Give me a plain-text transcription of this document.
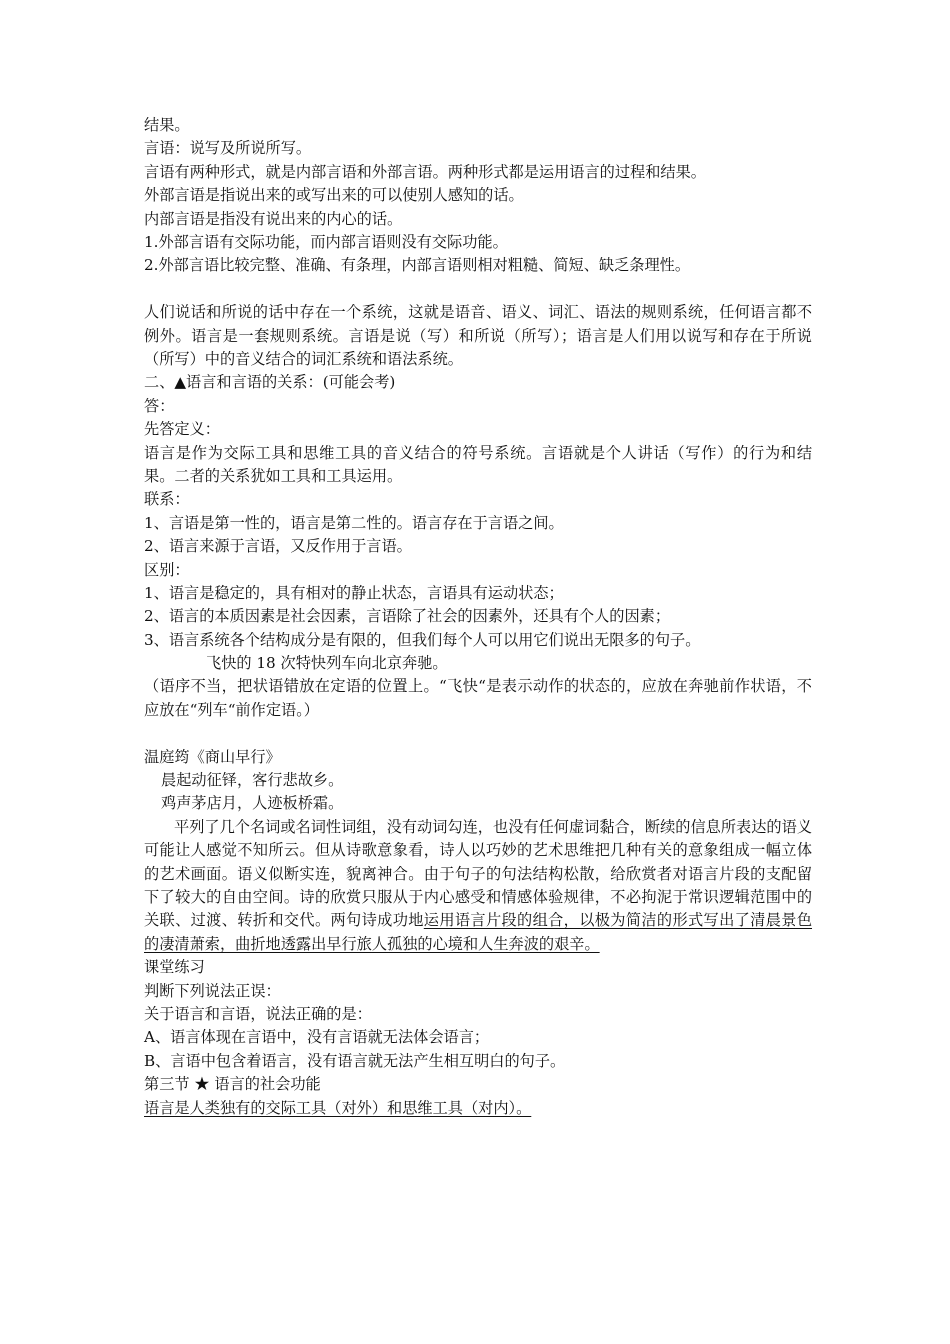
结果。
言语：说写及所说所写。
言语有两种形式，就是内部言语和外部言语。两种形式都是运用语言的过程和结果。
外部言语是指说出来的或写出来的可以使别人感知的话。
内部言语是指没有说出来的内心的话。
1.外部言语有交际功能，而内部言语则没有交际功能。
2.外部言语比较完整、准确、有条理，内部言语则相对粗糙、简短、缺乏条理性。
人们说话和所说的话中存在一个系统，这就是语音、语义、词汇、语法的规则系统，任何语言都不例外。语言是一套规则系统。言语是说（写）和所说（所写）；语言是人们用以说写和存在于所说（所写）中的音义结合的词汇系统和语法系统。
二、▲语言和言语的关系：(可能会考)
答：
先答定义：
语言是作为交际工具和思维工具的音义结合的符号系统。言语就是个人讲话（写作）的行为和结果。二者的关系犹如工具和工具运用。
联系：
1、言语是第一性的，语言是第二性的。语言存在于言语之间。
2、语言来源于言语，又反作用于言语。
区别：
1、语言是稳定的，具有相对的静止状态，言语具有运动状态；
2、语言的本质因素是社会因素，言语除了社会的因素外，还具有个人的因素；
3、语言系统各个结构成分是有限的，但我们每个人可以用它们说出无限多的句子。
飞快的 18 次特快列车向北京奔驰。
（语序不当，把状语错放在定语的位置上。“飞快“是表示动作的状态的，应放在奔驰前作状语，不应放在“列车“前作定语。）
温庭筠《商山早行》
晨起动征铎，客行悲故乡。
鸡声茅店月，人迹板桥霜。
平列了几个名词或名词性词组，没有动词勾连，也没有任何虚词黏合，断续的信息所表达的语义可能让人感觉不知所云。但从诗歌意象看，诗人以巧妙的艺术思维把几种有关的意象组成一幅立体的艺术画面。语义似断实连，貌离神合。由于句子的句法结构松散，给欣赏者对语言片段的支配留下了较大的自由空间。诗的欣赏只服从于内心感受和情感体验规律，不必拘泥于常识逻辑范围中的关联、过渡、转折和交代。两句诗成功地运用语言片段的组合，以极为简洁的形式写出了清晨景色的凄清萧索，曲折地透露出早行旅人孤独的心境和人生奔波的艰辛。
课堂练习
判断下列说法正误：
关于语言和言语，说法正确的是：
A、语言体现在言语中，没有言语就无法体会语言；
B、言语中包含着语言，没有语言就无法产生相互明白的句子。
第三节 ★ 语言的社会功能
语言是人类独有的交际工具（对外）和思维工具（对内）。
